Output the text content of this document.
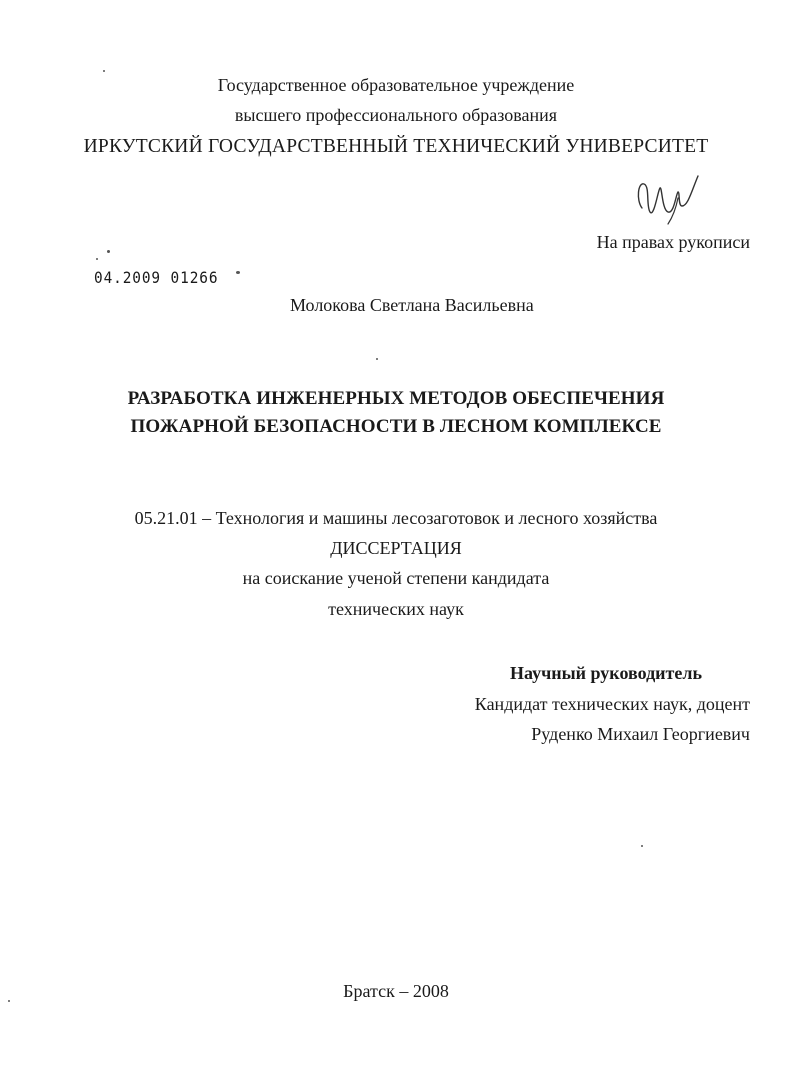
Государственное образовательное учреждение
высшего профессионального образования
ИРКУТСКИЙ ГОСУДАРСТВЕННЫЙ ТЕХНИЧЕСКИЙ УНИВЕРСИТЕТ
На правах рукописи
04.2009 01266
Молокова Светлана Васильевна
РАЗРАБОТКА ИНЖЕНЕРНЫХ МЕТОДОВ ОБЕСПЕЧЕНИЯ
ПОЖАРНОЙ БЕЗОПАСНОСТИ В ЛЕСНОМ КОМПЛЕКСЕ
05.21.01 – Технология и машины лесозаготовок и лесного хозяйства
ДИССЕРТАЦИЯ
на соискание ученой степени кандидата
технических наук
Научный руководитель
Кандидат технических наук, доцент
Руденко Михаил Георгиевич
Братск – 2008
